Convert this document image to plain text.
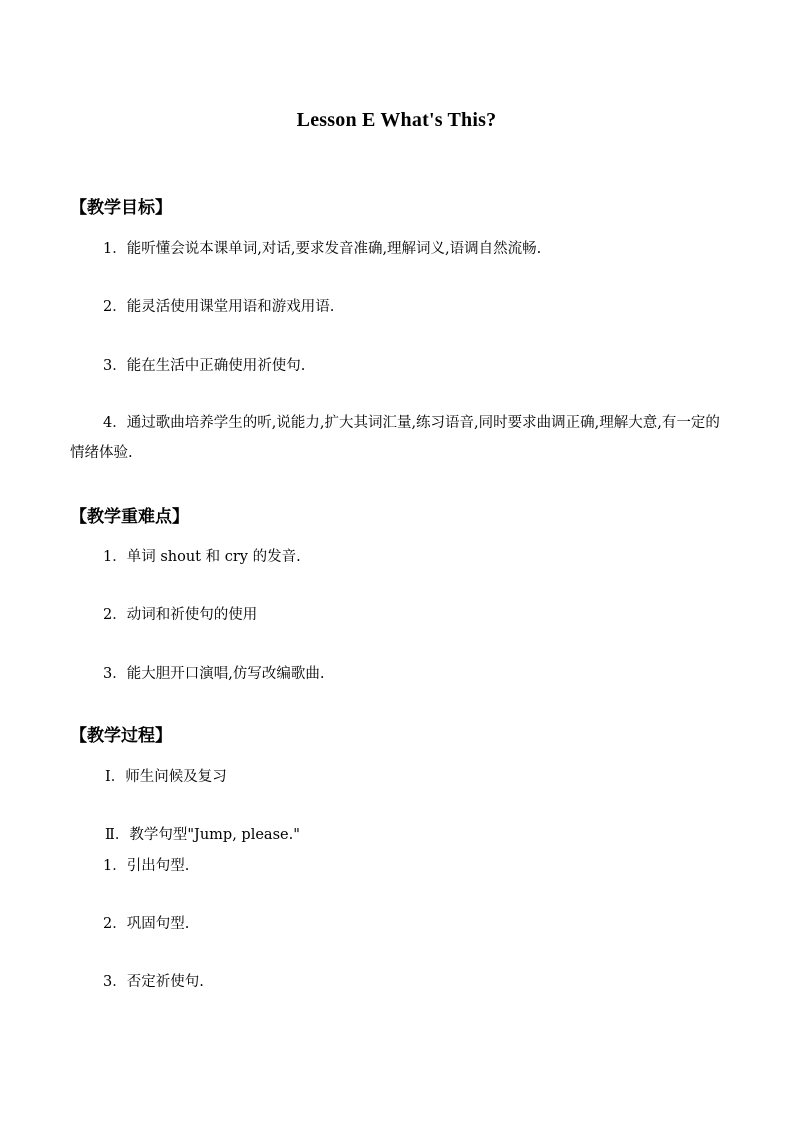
Lesson E What's This?
【教学目标】
1．能听懂会说本课单词,对话,要求发音准确,理解词义,语调自然流畅.
2．能灵活使用课堂用语和游戏用语.
3．能在生活中正确使用祈使句.
4．通过歌曲培养学生的听,说能力,扩大其词汇量,练习语音,同时要求曲调正确,理解大意,有一定的情绪体验.
【教学重难点】
1．单词 shout 和 cry 的发音.
2．动词和祈使句的使用
3．能大胆开口演唱,仿写改编歌曲.
【教学过程】
Ⅰ．师生问候及复习
Ⅱ．教学句型"Jump, please."
1．引出句型.
2．巩固句型.
3．否定祈使句.
